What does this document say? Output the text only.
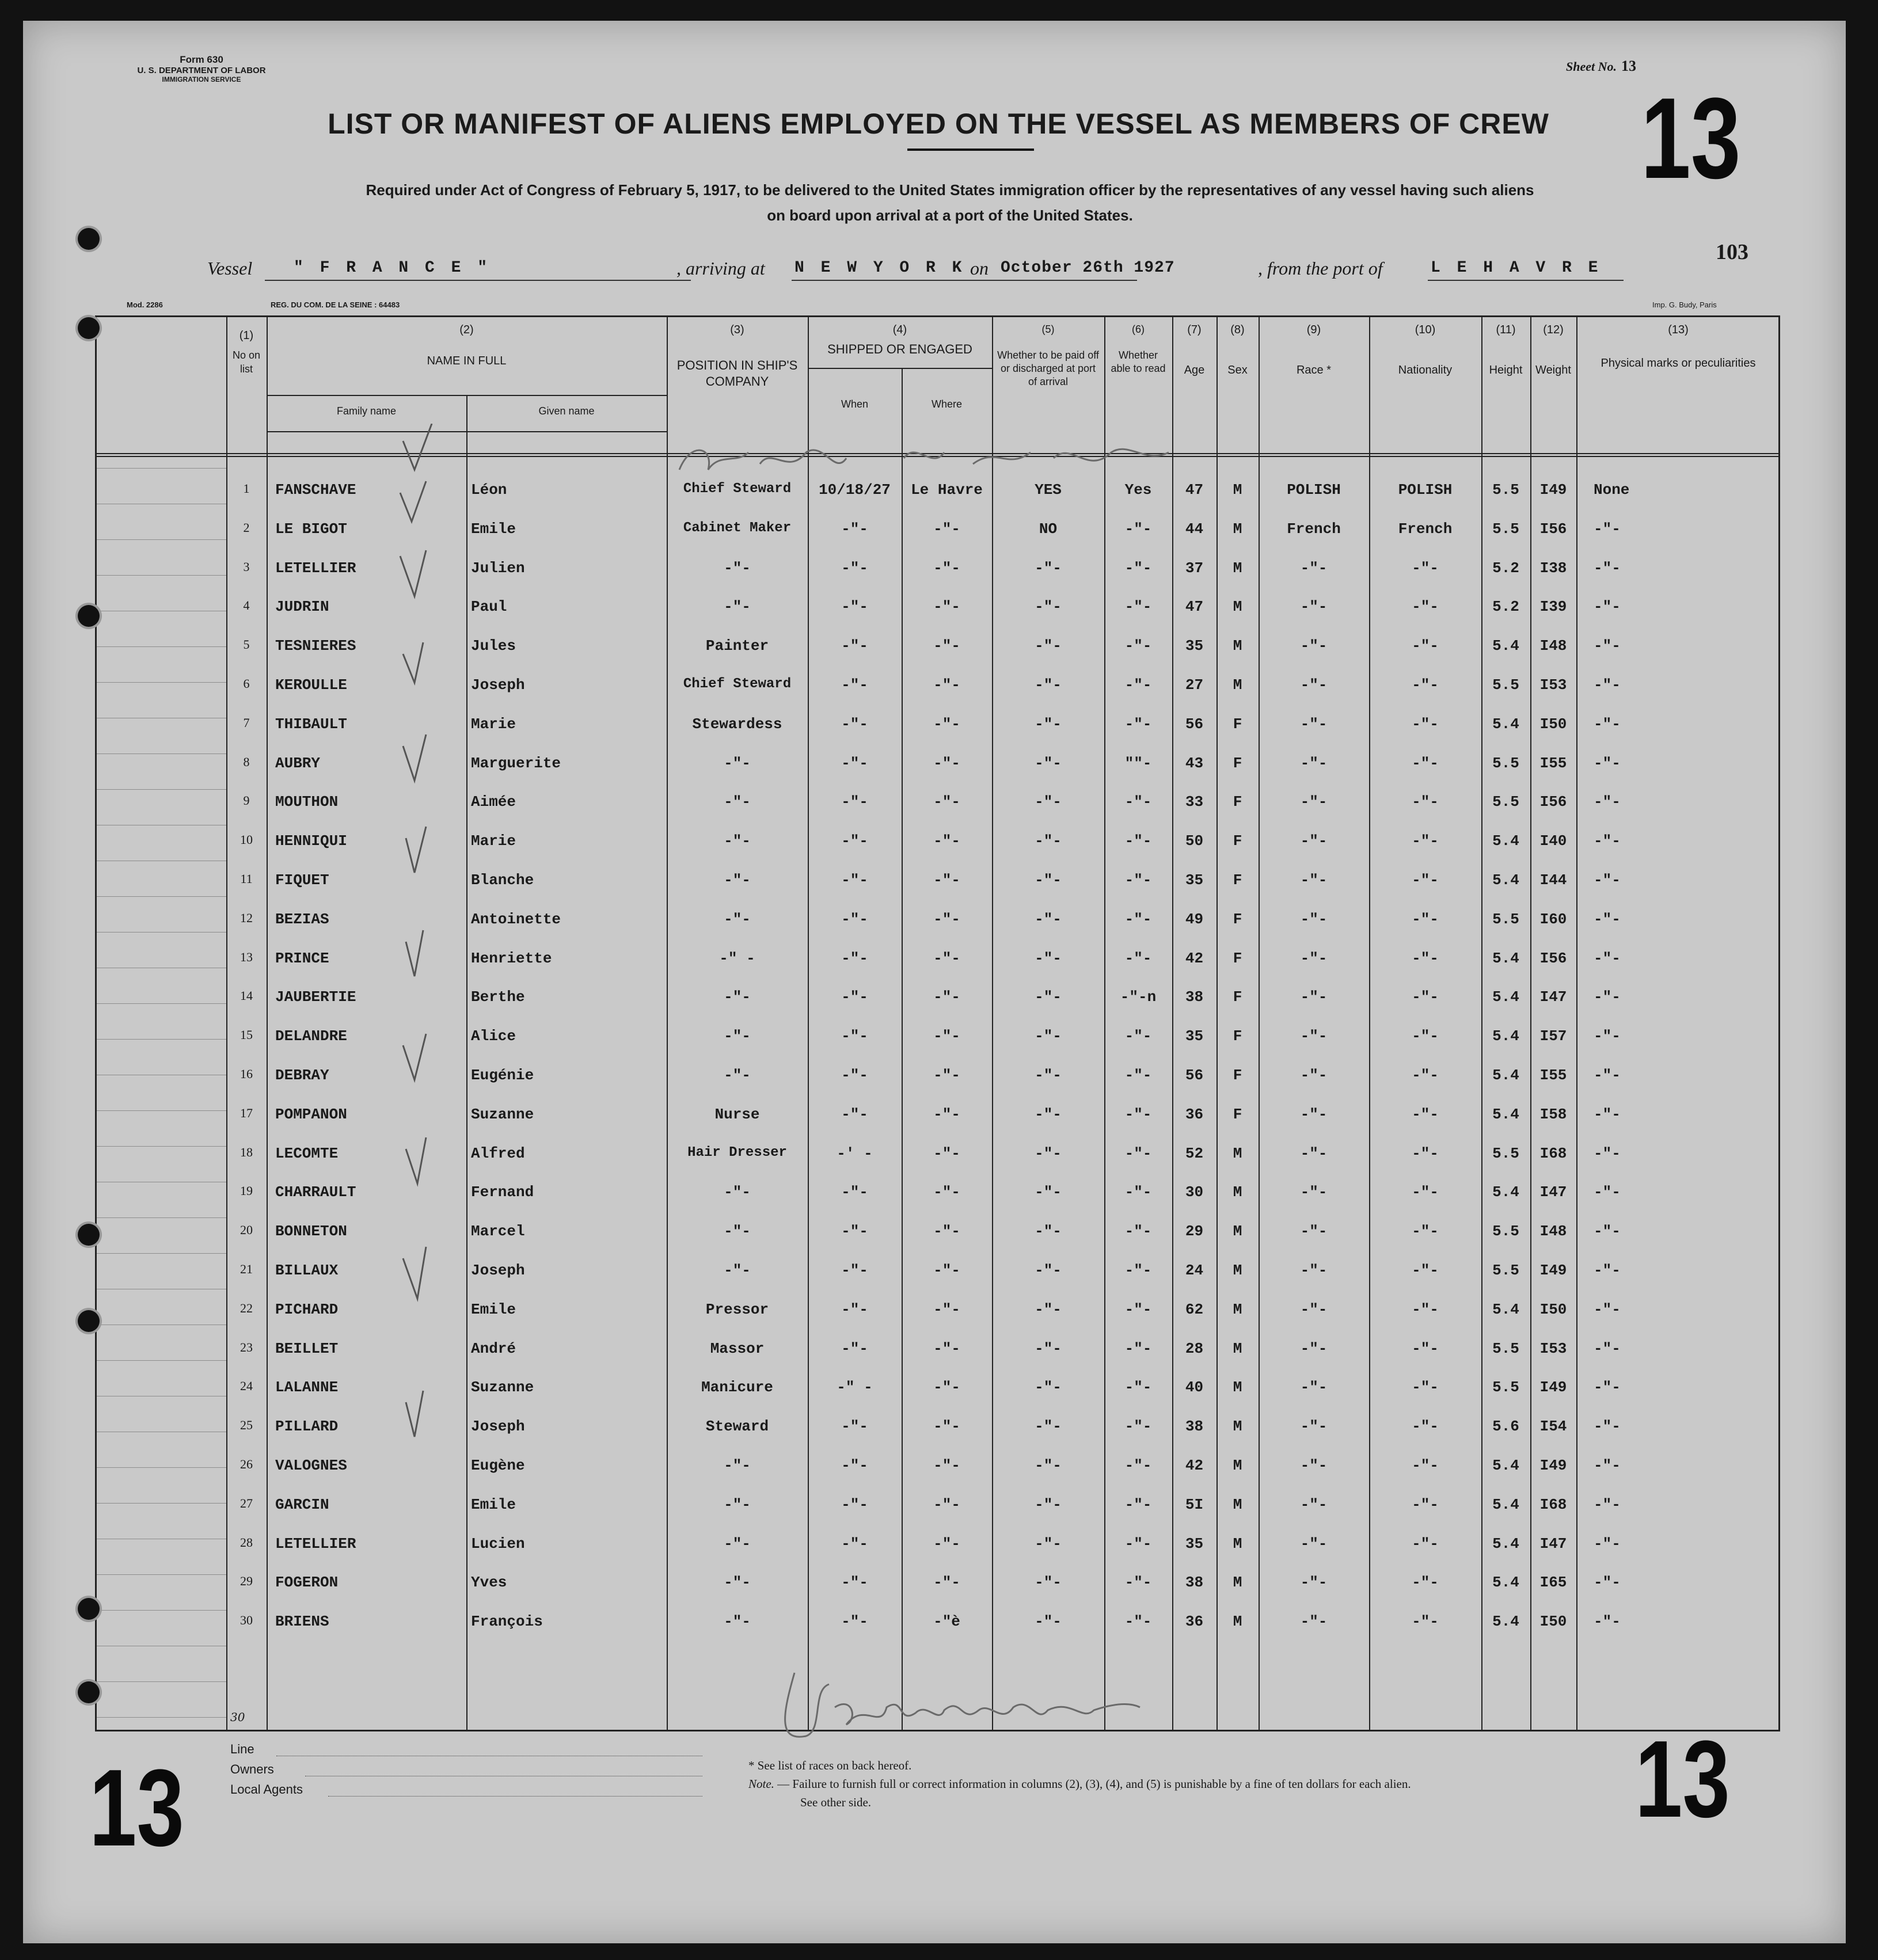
Form 630
U. S. DEPARTMENT OF LABOR
IMMIGRATION SERVICE
Sheet No. 13
13
LIST OR MANIFEST OF ALIENS EMPLOYED ON THE VESSEL AS MEMBERS OF CREW
Required under Act of Congress of February 5, 1917, to be delivered to the United States immigration officer by the representatives of any vessel having such aliens
on board upon arrival at a port of the United States.
103
Vessel	" F R A N C E "	, arriving at N E W Y O R K on October 26th 1927	, from the port of	L E H A V R E
Mod. 2286	REG. DU COM. DE LA SEINE : 64483	Imp. G. Budy, Paris
(1)
No on list
(2)
NAME IN FULL
Family name	Given name
(3)
POSITION IN SHIP'S COMPANY
(4)
SHIPPED OR ENGAGED
When	Where
(5)
Whether to be paid off or discharged at port of arrival
(6)
Whether able to read
(7)
Age
(8)
Sex
(9)
Race *
(10)
Nationality
(11)
Height
(12)
Weight
(13)
Physical marks or peculiarities
1	FANSCHAVE	Léon	Chief Steward	10/18/27	Le Havre	YES	Yes	47	M	POLISH	POLISH	5.5	I49	None
2	LE BIGOT	Emile	Cabinet Maker	-"-	-"-	NO	-"-	44	M	French	French	5.5	I56	-"-
3	LETELLIER	Julien	-"-	-"-	-"-	-"-	-"-	37	M	-"-	-"-	5.2	I38	-"-
4	JUDRIN	Paul	-"-	-"-	-"-	-"-	-"-	47	M	-"-	-"-	5.2	I39	-"-
5	TESNIERES	Jules	Painter	-"-	-"-	-"-	-"-	35	M	-"-	-"-	5.4	I48	-"-
6	KEROULLE	Joseph	Chief Steward	-"-	-"-	-"-	-"-	27	M	-"-	-"-	5.5	I53	-"-
7	THIBAULT	Marie	Stewardess	-"-	-"-	-"-	-"-	56	F	-"-	-"-	5.4	I50	-"-
8	AUBRY	Marguerite	-"-	-"-	-"-	-"-	""-	43	F	-"-	-"-	5.5	I55	-"-
9	MOUTHON	Aimée	-"-	-"-	-"-	-"-	-"-	33	F	-"-	-"-	5.5	I56	-"-
10	HENNIQUI	Marie	-"-	-"-	-"-	-"-	-"-	50	F	-"-	-"-	5.4	I40	-"-
11	FIQUET	Blanche	-"-	-"-	-"-	-"-	-"-	35	F	-"-	-"-	5.4	I44	-"-
12	BEZIAS	Antoinette	-"-	-"-	-"-	-"-	-"-	49	F	-"-	-"-	5.5	I60	-"-
13	PRINCE	Henriette	-" -	-"-	-"-	-"-	-"-	42	F	-"-	-"-	5.4	I56	-"-
14	JAUBERTIE	Berthe	-"-	-"-	-"-	-"-	-"-n	38	F	-"-	-"-	5.4	I47	-"-
15	DELANDRE	Alice	-"-	-"-	-"-	-"-	-"-	35	F	-"-	-"-	5.4	I57	-"-
16	DEBRAY	Eugénie	-"-	-"-	-"-	-"-	-"-	56	F	-"-	-"-	5.4	I55	-"-
17	POMPANON	Suzanne	Nurse	-"-	-"-	-"-	-"-	36	F	-"-	-"-	5.4	I58	-"-
18	LECOMTE	Alfred	Hair Dresser	-' -	-"-	-"-	-"-	52	M	-"-	-"-	5.5	I68	-"-
19	CHARRAULT	Fernand	-"-	-"-	-"-	-"-	-"-	30	M	-"-	-"-	5.4	I47	-"-
20	BONNETON	Marcel	-"-	-"-	-"-	-"-	-"-	29	M	-"-	-"-	5.5	I48	-"-
21	BILLAUX	Joseph	-"-	-"-	-"-	-"-	-"-	24	M	-"-	-"-	5.5	I49	-"-
22	PICHARD	Emile	Pressor	-"-	-"-	-"-	-"-	62	M	-"-	-"-	5.4	I50	-"-
23	BEILLET	André	Massor	-"-	-"-	-"-	-"-	28	M	-"-	-"-	5.5	I53	-"-
24	LALANNE	Suzanne	Manicure	-" -	-"-	-"-	-"-	40	M	-"-	-"-	5.5	I49	-"-
25	PILLARD	Joseph	Steward	-"-	-"-	-"-	-"-	38	M	-"-	-"-	5.6	I54	-"-
26	VALOGNES	Eugène	-"-	-"-	-"-	-"-	-"-	42	M	-"-	-"-	5.4	I49	-"-
27	GARCIN	Emile	-"-	-"-	-"-	-"-	-"-	5I	M	-"-	-"-	5.4	I68	-"-
28	LETELLIER	Lucien	-"-	-"-	-"-	-"-	-"-	35	M	-"-	-"-	5.4	I47	-"-
29	FOGERON	Yves	-"-	-"-	-"-	-"-	-"-	38	M	-"-	-"-	5.4	I65	-"-
30	BRIENS	François	-"-	-"-	-"è	-"-	-"-	36	M	-"-	-"-	5.4	I50	-"-
30
Line
Owners
Local Agents
* See list of races on back hereof.
Note. — Failure to furnish full or correct information in columns (2), (3), (4), and (5) is punishable by a fine of ten dollars for each alien.
See other side.
13	13
